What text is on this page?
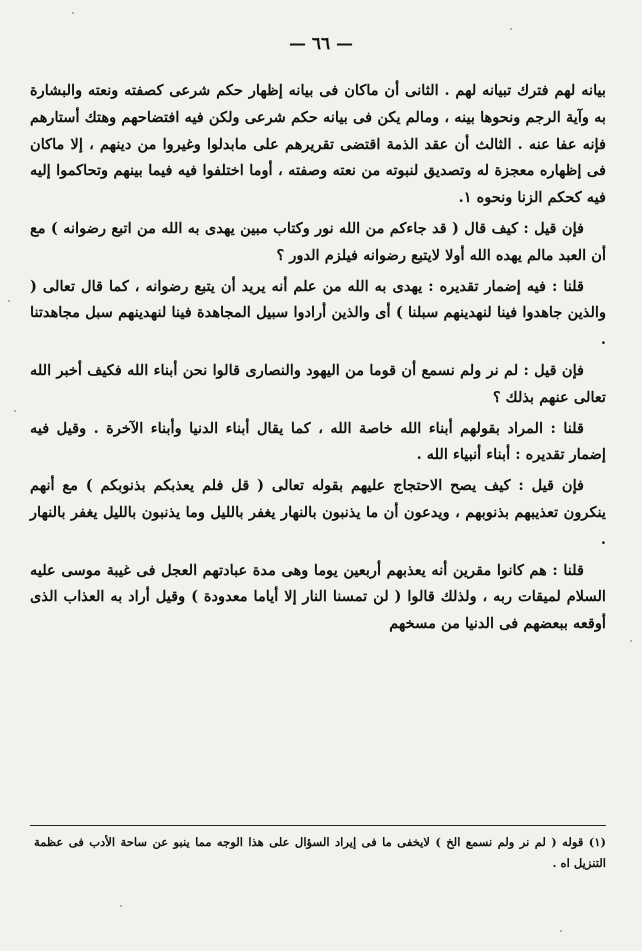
— ٦٦ —

بيانه لهم فترك تبيانه لهم . الثانى أن ماكان فى بيانه إظهار حكم شرعى كصفته ونعته والبشارة به وآية الرجم ونحوها بينه ، ومالم يكن فى بيانه حكم شرعى ولكن فيه افتضاحهم وهتك أستارهم فإنه عفا عنه . الثالث أن عقد الذمة اقتضى تقريرهم على مابدلوا وغيروا من دينهم ، إلا ماكان فى إظهاره معجزة له وتصديق لنبوته من نعته وصفته ، أوما اختلفوا فيه فيما بينهم وتحاكموا إليه فيه كحكم الزنا ونحوه ١.

فإن قيل : كيف قال ( قد جاءكم من الله نور وكتاب مبين يهدى به الله من اتبع رضوانه ) مع أن العبد مالم يهده الله أولا لايتبع رضوانه فيلزم الدور ؟

قلنا : فيه إضمار تقديره : يهدى به الله من علم أنه يريد أن يتبع رضوانه ، كما قال تعالى ( والذين جاهدوا فينا لنهدينهم سبلنا ) أى والذين أرادوا سبيل المجاهدة فينا لنهدينهم سبل مجاهدتنا .

فإن قيل : لم نر ولم نسمع أن قوما من اليهود والنصارى قالوا نحن أبناء الله فكيف أخبر الله تعالى عنهم بذلك ؟

قلنا : المراد بقولهم أبناء الله خاصة الله ، كما يقال أبناء الدنيا وأبناء الآخرة . وقيل فيه إضمار تقديره : أبناء أنبياء الله .

فإن قيل : كيف يصح الاحتجاج عليهم بقوله تعالى ( قل فلم يعذبكم بذنوبكم ) مع أنهم ينكرون تعذيبهم بذنوبهم ، ويدعون أن ما يذنبون بالنهار يغفر بالليل وما يذنبون بالليل يغفر بالنهار .

قلنا : هم كانوا مقرين أنه يعذبهم أربعين يوما وهى مدة عبادتهم العجل فى غيبة موسى عليه السلام لميقات ربه ، ولذلك قالوا ( لن تمسنا النار إلا أياما معدودة ) وقيل أراد به العذاب الذى أوقعه ببعضهم فى الدنيا من مسخهم

(١) قوله ( لم نر ولم نسمع الخ ) لايخفى ما فى إيراد السؤال على هذا الوجه مما ينبو عن ساحة الأدب فى عظمة التنزيل اه .
